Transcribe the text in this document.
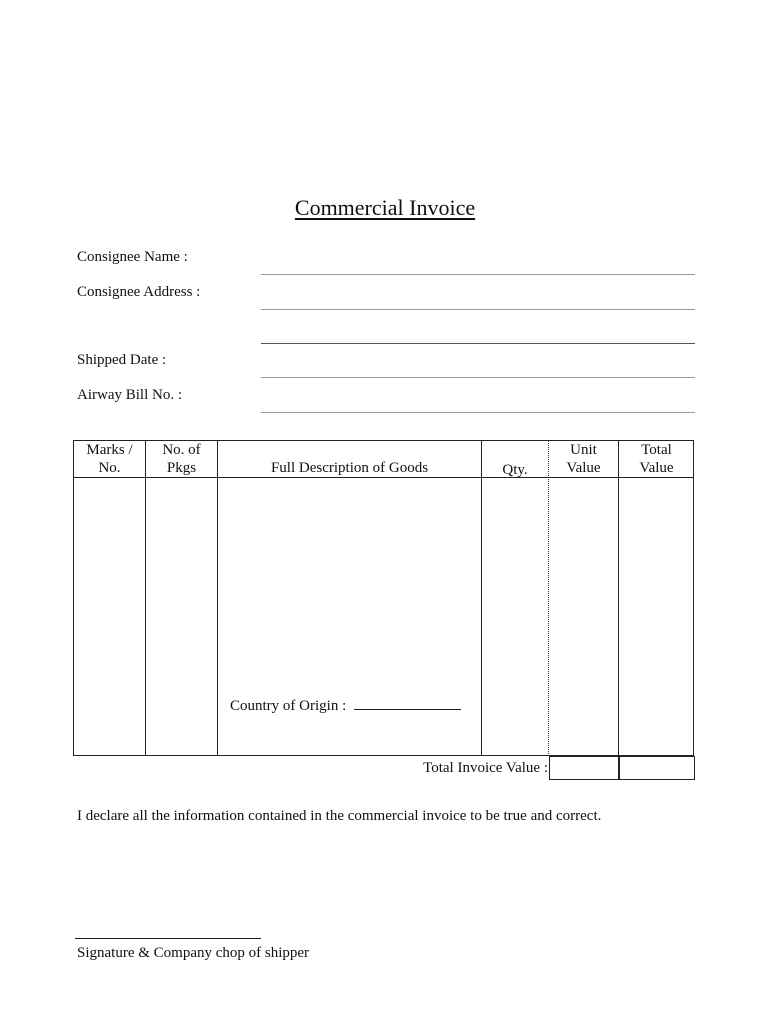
Commercial Invoice
Consignee Name :
Consignee Address :
Shipped Date :
Airway Bill No. :
Marks /
No.
No. of
Pkgs	Full Description of Goods	Qty.
Unit
Value
Total
Value
Country of Origin :
Total Invoice Value :
I declare all the information contained in the commercial invoice to be true and correct.
Signature & Company chop of shipper
